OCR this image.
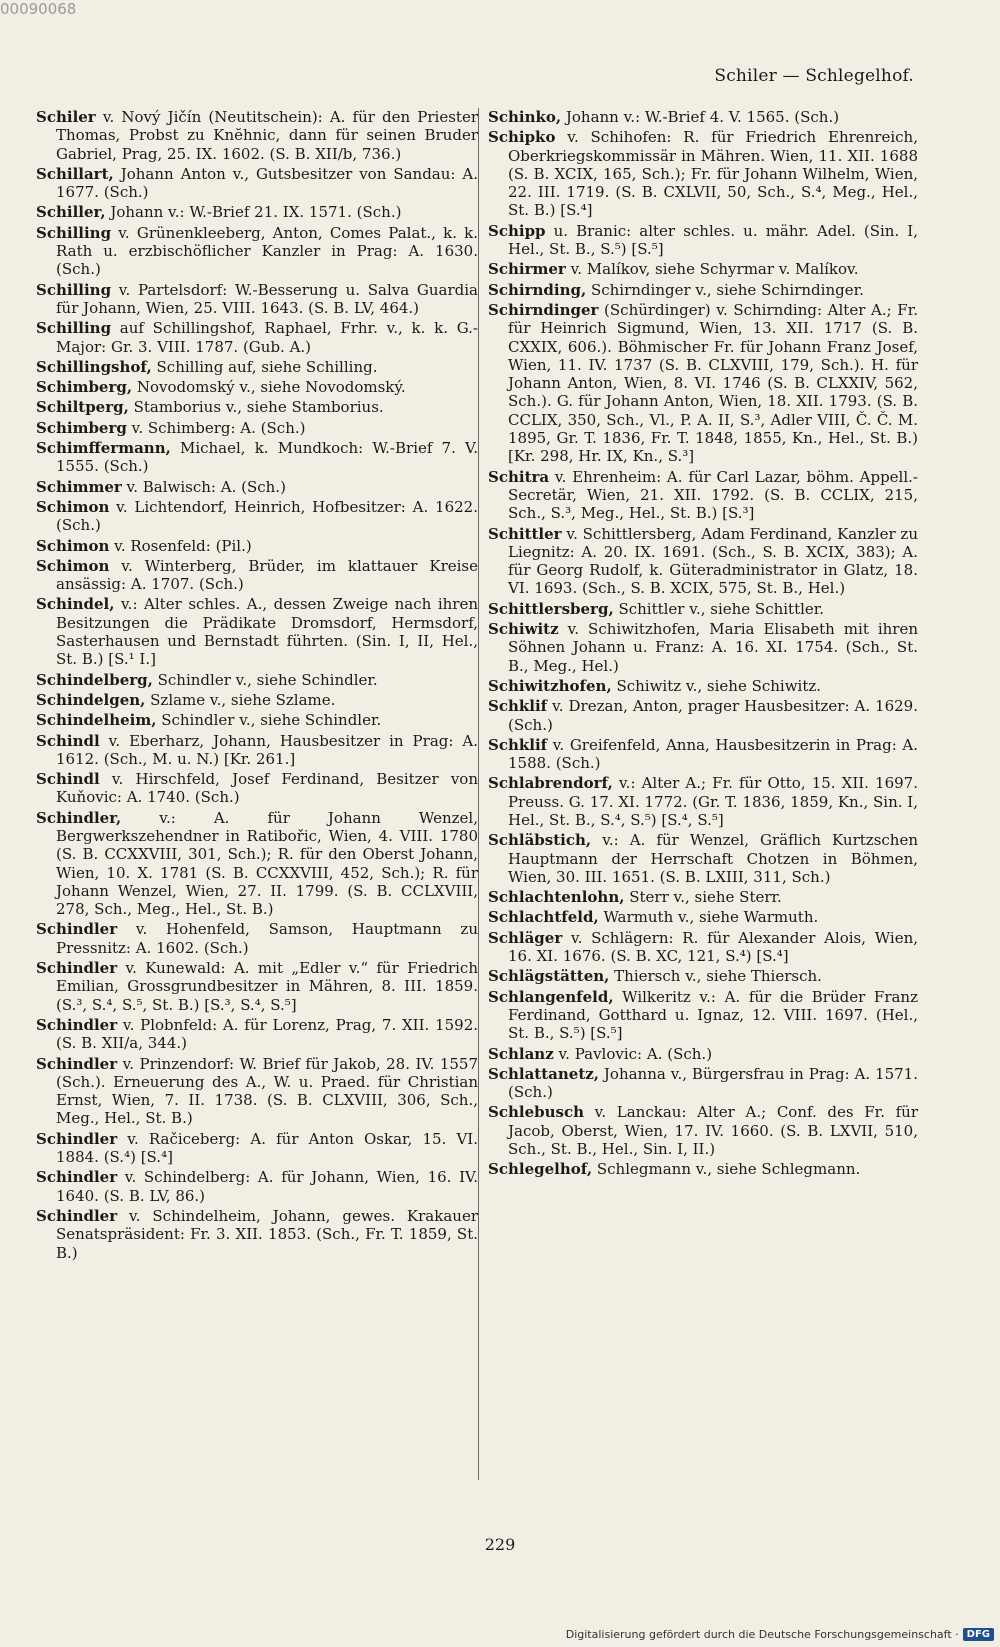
00090068
Schiler — Schlegelhof.
Schiler v. Nový Jičín (Neutitschein): A. für den Priester Thomas, Probst zu Knĕhnic, dann für seinen Bruder Gabriel, Prag, 25. IX. 1602. (S. B. XII/b, 736.)
Schillart, Johann Anton v., Gutsbesitzer von Sandau: A. 1677. (Sch.)
Schiller, Johann v.: W.-Brief 21. IX. 1571. (Sch.)
Schilling v. Grünenkleeberg, Anton, Comes Palat., k. k. Rath u. erzbischöflicher Kanzler in Prag: A. 1630. (Sch.)
Schilling v. Partelsdorf: W.-Besserung u. Salva Guardia für Johann, Wien, 25. VIII. 1643. (S. B. LV, 464.)
Schilling auf Schillingshof, Raphael, Frhr. v., k. k. G.-Major: Gr. 3. VIII. 1787. (Gub. A.)
Schillingshof, Schilling auf, siehe Schilling.
Schimberg, Novodomský v., siehe Novodomský.
Schiltperg, Stamborius v., siehe Stamborius.
Schimberg v. Schimberg: A. (Sch.)
Schimffermann, Michael, k. Mundkoch: W.-Brief 7. V. 1555. (Sch.)
Schimmer v. Balwisch: A. (Sch.)
Schimon v. Lichtendorf, Heinrich, Hofbesitzer: A. 1622. (Sch.)
Schimon v. Rosenfeld: (Pil.)
Schimon v. Winterberg, Brüder, im klattauer Kreise ansässig: A. 1707. (Sch.)
Schindel, v.: Alter schles. A., dessen Zweige nach ihren Besitzungen die Prädikate Dromsdorf, Hermsdorf, Sasterhausen und Bernstadt führten. (Sin. I, II, Hel., St. B.) [S.¹ I.]
Schindelberg, Schindler v., siehe Schindler.
Schindelgen, Szlame v., siehe Szlame.
Schindelheim, Schindler v., siehe Schindler.
Schindl v. Eberharz, Johann, Hausbesitzer in Prag: A. 1612. (Sch., M. u. N.) [Kr. 261.]
Schindl v. Hirschfeld, Josef Ferdinand, Besitzer von Kuňovic: A. 1740. (Sch.)
Schindler, v.: A. für Johann Wenzel, Bergwerkszehendner in Ratibořic, Wien, 4. VIII. 1780 (S. B. CCXXVIII, 301, Sch.); R. für den Oberst Johann, Wien, 10. X. 1781 (S. B. CCXXVIII, 452, Sch.); R. für Johann Wenzel, Wien, 27. II. 1799. (S. B. CCLXVIII, 278, Sch., Meg., Hel., St. B.)
Schindler v. Hohenfeld, Samson, Hauptmann zu Pressnitz: A. 1602. (Sch.)
Schindler v. Kunewald: A. mit „Edler v.“ für Friedrich Emilian, Grossgrundbesitzer in Mähren, 8. III. 1859. (S.³, S.⁴, S.⁵, St. B.) [S.³, S.⁴, S.⁵]
Schindler v. Plobnfeld: A. für Lorenz, Prag, 7. XII. 1592. (S. B. XII/a, 344.)
Schindler v. Prinzendorf: W. Brief für Jakob, 28. IV. 1557 (Sch.). Erneuerung des A., W. u. Praed. für Christian Ernst, Wien, 7. II. 1738. (S. B. CLXVIII, 306, Sch., Meg., Hel., St. B.)
Schindler v. Račiceberg: A. für Anton Oskar, 15. VI. 1884. (S.⁴) [S.⁴]
Schindler v. Schindelberg: A. für Johann, Wien, 16. IV. 1640. (S. B. LV, 86.)
Schindler v. Schindelheim, Johann, gewes. Krakauer Senatspräsident: Fr. 3. XII. 1853. (Sch., Fr. T. 1859, St. B.)
Schinko, Johann v.: W.-Brief 4. V. 1565. (Sch.)
Schipko v. Schihofen: R. für Friedrich Ehrenreich, Oberkriegskommissär in Mähren. Wien, 11. XII. 1688 (S. B. XCIX, 165, Sch.); Fr. für Johann Wilhelm, Wien, 22. III. 1719. (S. B. CXLVII, 50, Sch., S.⁴, Meg., Hel., St. B.) [S.⁴]
Schipp u. Branic: alter schles. u. mähr. Adel. (Sin. I, Hel., St. B., S.⁵) [S.⁵]
Schirmer v. Malíkov, siehe Schyrmar v. Malíkov.
Schirnding, Schirndinger v., siehe Schirndinger.
Schirndinger (Schürdinger) v. Schirnding: Alter A.; Fr. für Heinrich Sigmund, Wien, 13. XII. 1717 (S. B. CXXIX, 606.). Böhmischer Fr. für Johann Franz Josef, Wien, 11. IV. 1737 (S. B. CLXVIII, 179, Sch.). H. für Johann Anton, Wien, 8. VI. 1746 (S. B. CLXXIV, 562, Sch.). G. für Johann Anton, Wien, 18. XII. 1793. (S. B. CCLIX, 350, Sch., Vl., P. A. II, S.³, Adler VIII, Č. Č. M. 1895, Gr. T. 1836, Fr. T. 1848, 1855, Kn., Hel., St. B.) [Kr. 298, Hr. IX, Kn., S.³]
Schitra v. Ehrenheim: A. für Carl Lazar, böhm. Appell.-Secretär, Wien, 21. XII. 1792. (S. B. CCLIX, 215, Sch., S.³, Meg., Hel., St. B.) [S.³]
Schittler v. Schittlersberg, Adam Ferdinand, Kanzler zu Liegnitz: A. 20. IX. 1691. (Sch., S. B. XCIX, 383); A. für Georg Rudolf, k. Güteradministrator in Glatz, 18. VI. 1693. (Sch., S. B. XCIX, 575, St. B., Hel.)
Schittlersberg, Schittler v., siehe Schittler.
Schiwitz v. Schiwitzhofen, Maria Elisabeth mit ihren Söhnen Johann u. Franz: A. 16. XI. 1754. (Sch., St. B., Meg., Hel.)
Schiwitzhofen, Schiwitz v., siehe Schiwitz.
Schklif v. Drezan, Anton, prager Hausbesitzer: A. 1629. (Sch.)
Schklif v. Greifenfeld, Anna, Hausbesitzerin in Prag: A. 1588. (Sch.)
Schlabrendorf, v.: Alter A.; Fr. für Otto, 15. XII. 1697. Preuss. G. 17. XI. 1772. (Gr. T. 1836, 1859, Kn., Sin. I, Hel., St. B., S.⁴, S.⁵) [S.⁴, S.⁵]
Schläbstich, v.: A. für Wenzel, Gräflich Kurtzschen Hauptmann der Herrschaft Chotzen in Böhmen, Wien, 30. III. 1651. (S. B. LXIII, 311, Sch.)
Schlachtenlohn, Sterr v., siehe Sterr.
Schlachtfeld, Warmuth v., siehe Warmuth.
Schläger v. Schlägern: R. für Alexander Alois, Wien, 16. XI. 1676. (S. B. XC, 121, S.⁴) [S.⁴]
Schlägstätten, Thiersch v., siehe Thiersch.
Schlangenfeld, Wilkeritz v.: A. für die Brüder Franz Ferdinand, Gotthard u. Ignaz, 12. VIII. 1697. (Hel., St. B., S.⁵) [S.⁵]
Schlanz v. Pavlovic: A. (Sch.)
Schlattanetz, Johanna v., Bürgersfrau in Prag: A. 1571. (Sch.)
Schlebusch v. Lanckau: Alter A.; Conf. des Fr. für Jacob, Oberst, Wien, 17. IV. 1660. (S. B. LXVII, 510, Sch., St. B., Hel., Sin. I, II.)
Schlegelhof, Schlegmann v., siehe Schlegmann.
229
Digitalisierung gefördert durch die Deutsche Forschungsgemeinschaft · DFG
